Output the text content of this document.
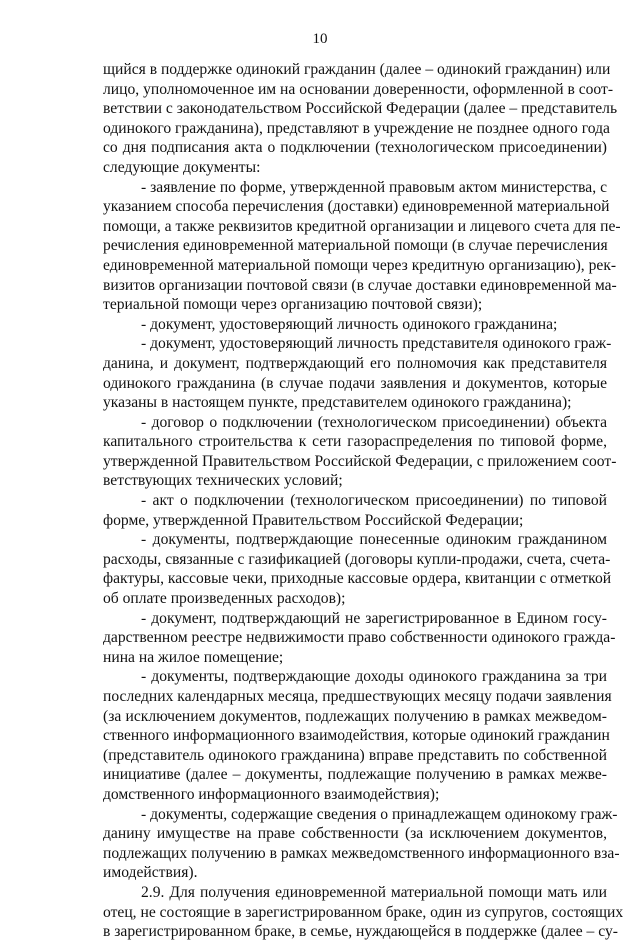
10
щийся в поддержке одинокий гражданин (далее – одинокий гражданин) или
лицо, уполномоченное им на основании доверенности, оформленной в соот-
ветствии с законодательством Российской Федерации (далее – представитель
одинокого гражданина), представляют в учреждение не позднее одного года
со дня подписания акта о подключении (технологическом присоединении)
следующие документы:
- заявление по форме, утвержденной правовым актом министерства, с
указанием способа перечисления (доставки) единовременной материальной
помощи, а также реквизитов кредитной организации и лицевого счета для пе-
речисления единовременной материальной помощи (в случае перечисления
единовременной материальной помощи через кредитную организацию), рек-
визитов организации почтовой связи (в случае доставки единовременной ма-
териальной помощи через организацию почтовой связи);
- документ, удостоверяющий личность одинокого гражданина;
- документ, удостоверяющий личность представителя одинокого граж-
данина, и документ, подтверждающий его полномочия как представителя
одинокого гражданина (в случае подачи заявления и документов, которые
указаны в настоящем пункте, представителем одинокого гражданина);
- договор о подключении (технологическом присоединении) объекта
капитального строительства к сети газораспределения по типовой форме,
утвержденной Правительством Российской Федерации, с приложением соот-
ветствующих технических условий;
- акт о подключении (технологическом присоединении) по типовой
форме, утвержденной Правительством Российской Федерации;
- документы, подтверждающие понесенные одиноким гражданином
расходы, связанные с газификацией (договоры купли-продажи, счета, счета-
фактуры, кассовые чеки, приходные кассовые ордера, квитанции с отметкой
об оплате произведенных расходов);
- документ, подтверждающий не зарегистрированное в Едином госу-
дарственном реестре недвижимости право собственности одинокого гражда-
нина на жилое помещение;
- документы, подтверждающие доходы одинокого гражданина за три
последних календарных месяца, предшествующих месяцу подачи заявления
(за исключением документов, подлежащих получению в рамках межведом-
ственного информационного взаимодействия, которые одинокий гражданин
(представитель одинокого гражданина) вправе представить по собственной
инициативе (далее – документы, подлежащие получению в рамках межве-
домственного информационного взаимодействия);
- документы, содержащие сведения о принадлежащем одинокому граж-
данину имуществе на праве собственности (за исключением документов,
подлежащих получению в рамках межведомственного информационного вза-
имодействия).
2.9. Для получения единовременной материальной помощи мать или
отец, не состоящие в зарегистрированном браке, один из супругов, состоящих
в зарегистрированном браке, в семье, нуждающейся в поддержке (далее – су-
